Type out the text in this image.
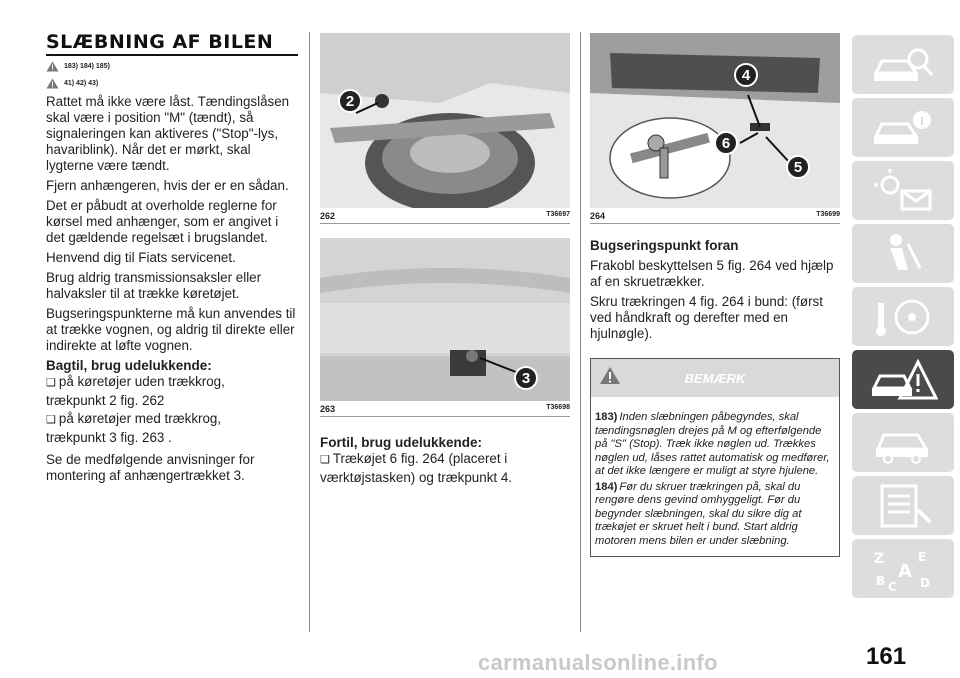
SLÆBNING AF BILEN
183) 184) 185)
41) 42) 43)

Rattet må ikke være låst. Tændingslåsen skal være i position "M" (tændt), så signaleringen kan aktiveres ("Stop"-lys, havariblink). Når det er mørkt, skal lygterne være tændt.

Fjern anhængeren, hvis der er en sådan.

Det er påbudt at overholde reglerne for kørsel med anhænger, som er angivet i det gældende regelsæt i brugslandet.

Henvend dig til Fiats servicenet.

Brug aldrig transmissionsaksler eller halvaksler til at trække køretøjet.

Bugseringspunkterne må kun anvendes til at trække vognen, og aldrig til direkte eller indirekte at løfte vognen.

Bagtil, brug udelukkende:

❑ på køretøjer uden trækkrog,

trækpunkt 2 fig. 262

❑ på køretøjer med trækkrog,

trækpunkt 3 fig. 263 .

Se de medfølgende anvisninger for montering af anhængertrækket 3.

2
262	T36697
3
263	T36698

Fortil, brug udelukkende:

❑ Trækøjet 6 fig. 264 (placeret i

værktøjstasken) og trækpunkt 4.

4
5
6
264	T36699

Bugseringspunkt foran

Frakobl beskyttelsen 5 fig. 264 ved hjælp af en skruetrækker.

Skru trækringen 4 fig. 264 i bund: (først ved håndkraft og derefter med en hjulnøgle).

BEMÆRK

183) Inden slæbningen påbegyndes, skal tændingsnøglen drejes på M og efterfølgende på "S" (Stop). Træk ikke nøglen ud. Trækkes nøglen ud, låses rattet automatisk og medfører, at det ikke længere er muligt at styre hjulene.

184) Før du skruer trækringen på, skal du rengøre dens gevind omhyggeligt. Før du begynder slæbningen, skal du sikre dig at trækøjet er skruet helt i bund. Start aldrig motoren mens bilen er under slæbning.

Z	E
A
B	D
C
161
carmanualsonline.info
